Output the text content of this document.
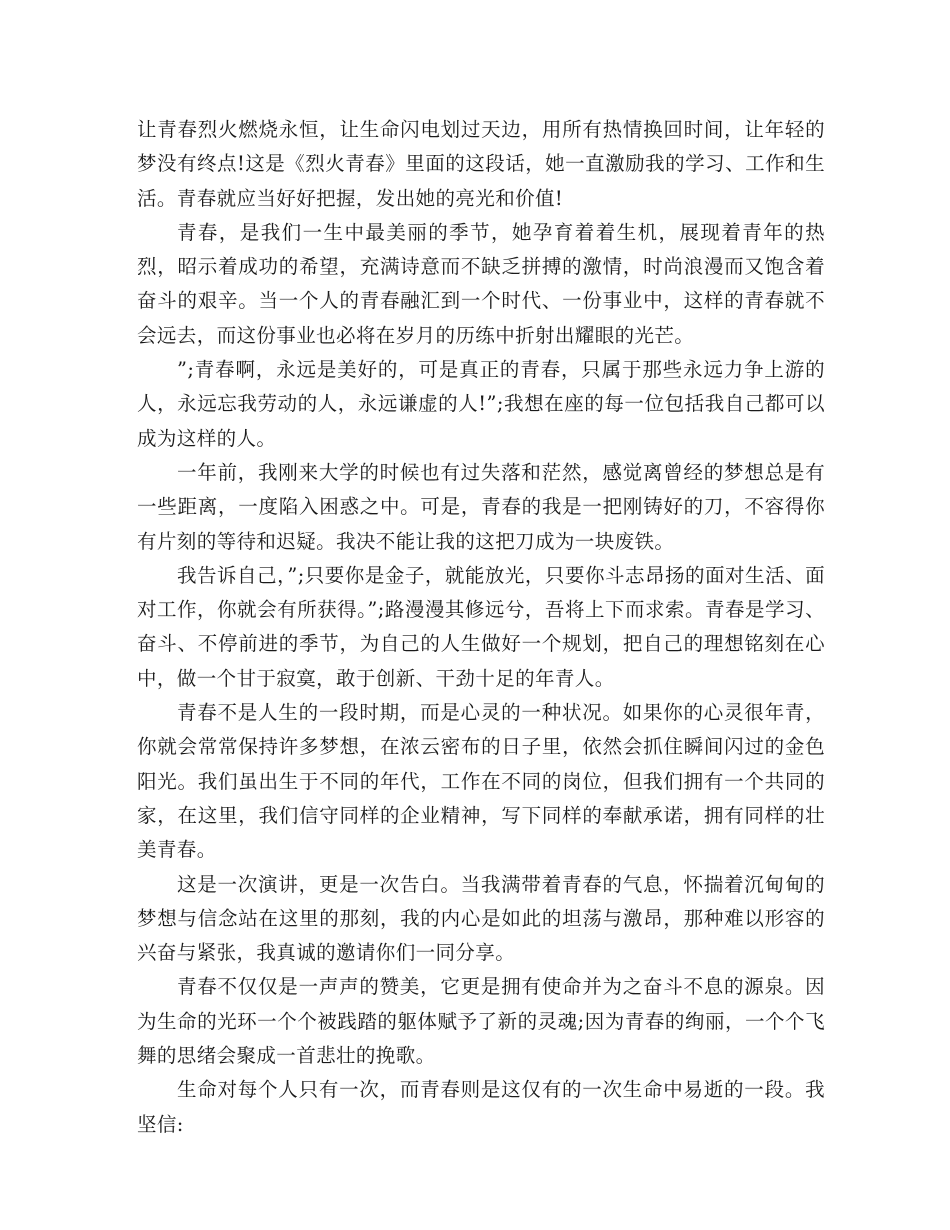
让青春烈火燃烧永恒，让生命闪电划过天边，用所有热情换回时间，让年轻的梦没有终点!这是《烈火青春》里面的这段话，她一直激励我的学习、工作和生活。青春就应当好好把握，发出她的亮光和价值!

青春，是我们一生中最美丽的季节，她孕育着着生机，展现着青年的热烈，昭示着成功的希望，充满诗意而不缺乏拼搏的激情，时尚浪漫而又饱含着奋斗的艰辛。当一个人的青春融汇到一个时代、一份事业中，这样的青春就不会远去，而这份事业也必将在岁月的历练中折射出耀眼的光芒。

”;青春啊，永远是美好的，可是真正的青春，只属于那些永远力争上游的人，永远忘我劳动的人，永远谦虚的人!”;我想在座的每一位包括我自己都可以成为这样的人。

一年前，我刚来大学的时候也有过失落和茫然，感觉离曾经的梦想总是有一些距离，一度陷入困惑之中。可是，青春的我是一把刚铸好的刀，不容得你有片刻的等待和迟疑。我决不能让我的这把刀成为一块废铁。

我告诉自己，”;只要你是金子，就能放光，只要你斗志昂扬的面对生活、面对工作，你就会有所获得。”;路漫漫其修远兮，吾将上下而求索。青春是学习、奋斗、不停前进的季节，为自己的人生做好一个规划，把自己的理想铭刻在心中，做一个甘于寂寞，敢于创新、干劲十足的年青人。

青春不是人生的一段时期，而是心灵的一种状况。如果你的心灵很年青，你就会常常保持许多梦想，在浓云密布的日子里，依然会抓住瞬间闪过的金色阳光。我们虽出生于不同的年代，工作在不同的岗位，但我们拥有一个共同的家，在这里，我们信守同样的企业精神，写下同样的奉献承诺，拥有同样的壮美青春。

这是一次演讲，更是一次告白。当我满带着青春的气息，怀揣着沉甸甸的梦想与信念站在这里的那刻，我的内心是如此的坦荡与激昂，那种难以形容的兴奋与紧张，我真诚的邀请你们一同分享。

青春不仅仅是一声声的赞美，它更是拥有使命并为之奋斗不息的源泉。因为生命的光环一个个被践踏的躯体赋予了新的灵魂;因为青春的绚丽，一个个飞舞的思绪会聚成一首悲壮的挽歌。

生命对每个人只有一次，而青春则是这仅有的一次生命中易逝的一段。我坚信:
